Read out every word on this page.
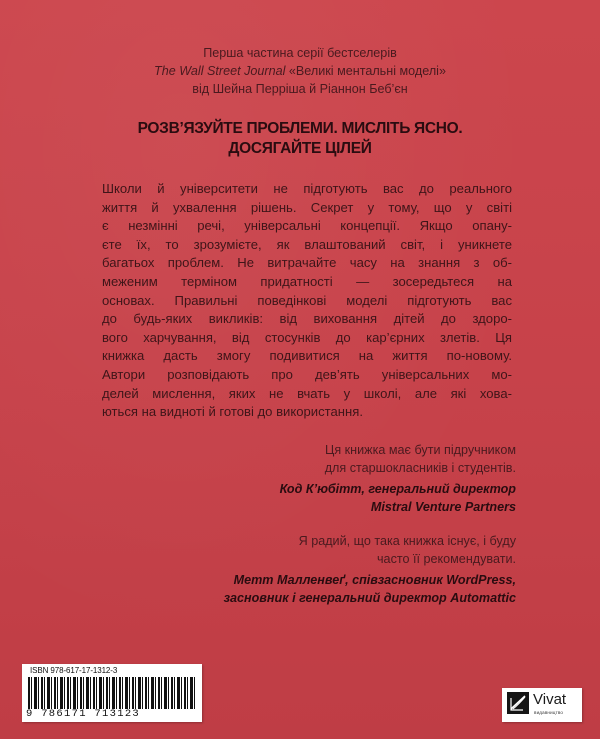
Перша частина серії бестселерів
The Wall Street Journal «Великі ментальні моделі»
від Шейна Перріша й Ріаннон Беб’єн
РОЗВ’ЯЗУЙТЕ ПРОБЛЕМИ. МИСЛІТЬ ЯСНО.
ДОСЯГАЙТЕ ЦІЛЕЙ
Школи й університети не підготують вас до реального
життя й ухвалення рішень. Секрет у тому, що у світі
є незмінні речі, універсальні концепції. Якщо опану-
єте їх, то зрозумієте, як влаштований світ, і уникнете
багатьох проблем. Не витрачайте часу на знання з об-
меженим терміном придатності — зосередьтеся на
основах. Правильні поведінкові моделі підготують вас
до будь-яких викликів: від виховання дітей до здоро-
вого харчування, від стосунків до кар’єрних злетів. Ця
книжка дасть змогу подивитися на життя по-новому.
Автори розповідають про дев’ять універсальних мо-
делей мислення, яких не вчать у школі, але які хова-
ються на видноті й готові до використання.
Ця книжка має бути підручником
для старшокласників і студентів.
Код К’юбітт, генеральний директор
Mistral Venture Partners
Я радий, що така книжка існує, і буду
часто її рекомендувати.
Метт Малленвеґ, співзасновник WordPress,
засновник і генеральний директор Automattic
ISBN 978-617-17-1312-3
9 786171 713123
Vivat
видавництво
